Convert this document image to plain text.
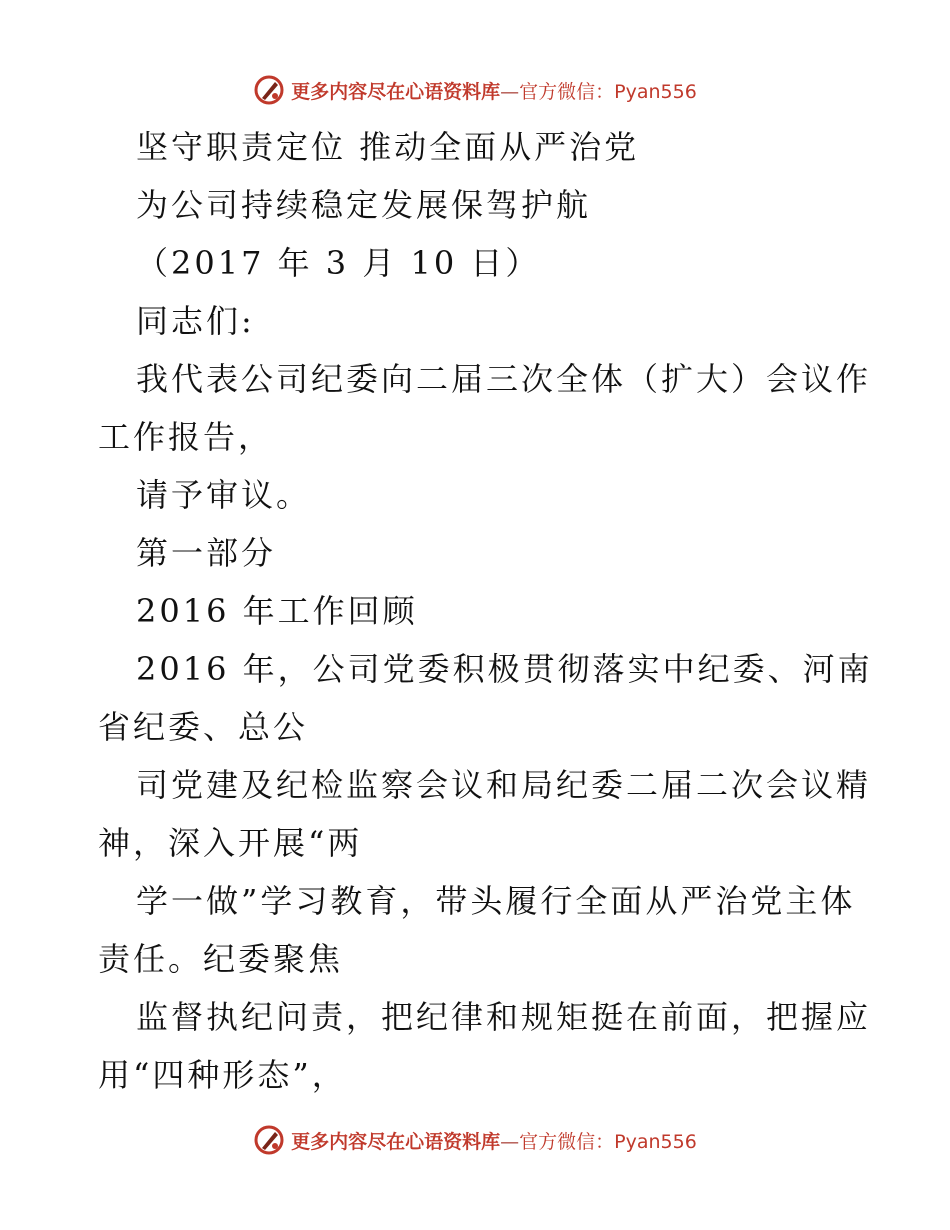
更多内容尽在心语资料库—官方微信：Pyan556
坚守职责定位 推动全面从严治党
为公司持续稳定发展保驾护航
（2017 年 3 月 10 日）
同志们:
我代表公司纪委向二届三次全体（扩大）会议作
工作报告，
请予审议。
第一部分
2016 年工作回顾
2016 年，公司党委积极贯彻落实中纪委、河南
省纪委、总公
司党建及纪检监察会议和局纪委二届二次会议精
神，深入开展“两
学一做”学习教育，带头履行全面从严治党主体
责任。纪委聚焦
监督执纪问责，把纪律和规矩挺在前面，把握应
用“四种形态”，
更多内容尽在心语资料库—官方微信：Pyan556
